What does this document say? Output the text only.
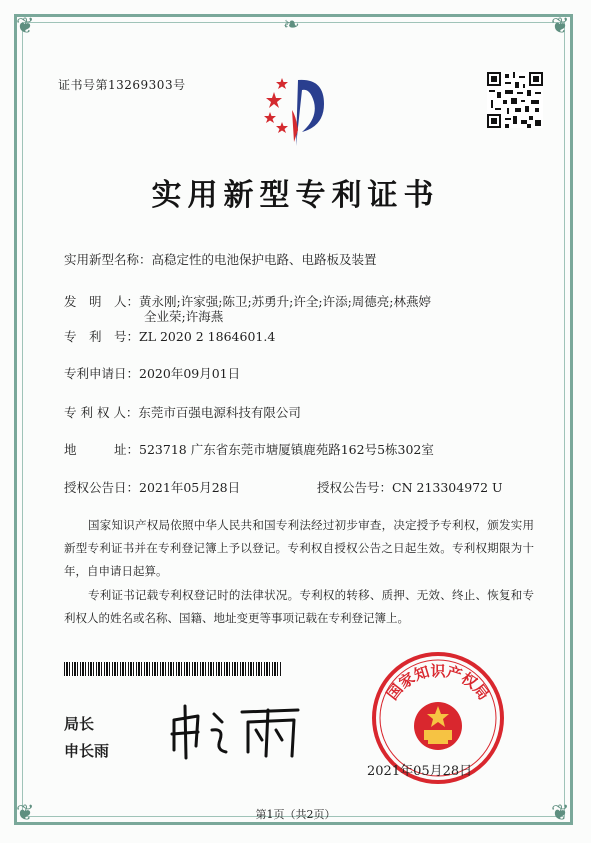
❦	❦
❦	❦
❧
证书号第13269303号
实用新型专利证书
实用新型名称：高稳定性的电池保护电路、电路板及装置
发　明　人：黄永刚;许家强;陈卫;苏勇升;许全;许添;周德亮;林燕婷
全业荣;许海燕
专　利　号：ZL 2020 2 1864601.4
专利申请日：2020年09月01日
专 利 权 人：东莞市百强电源科技有限公司
地　　　址：523718 广东省东莞市塘厦镇鹿苑路162号5栋302室
授权公告日：2021年05月28日	授权公告号：CN 213304972 U
国家知识产权局依照中华人民共和国专利法经过初步审查，决定授予专利权，颁发实用新型专利证书并在专利登记簿上予以登记。专利权自授权公告之日起生效。专利权期限为十年，自申请日起算。
专利证书记载专利权登记时的法律状况。专利权的转移、质押、无效、终止、恢复和专利权人的姓名或名称、国籍、地址变更等事项记载在专利登记簿上。
局长
申长雨
国家知识产权局
2021年05月28日
第1页（共2页）
